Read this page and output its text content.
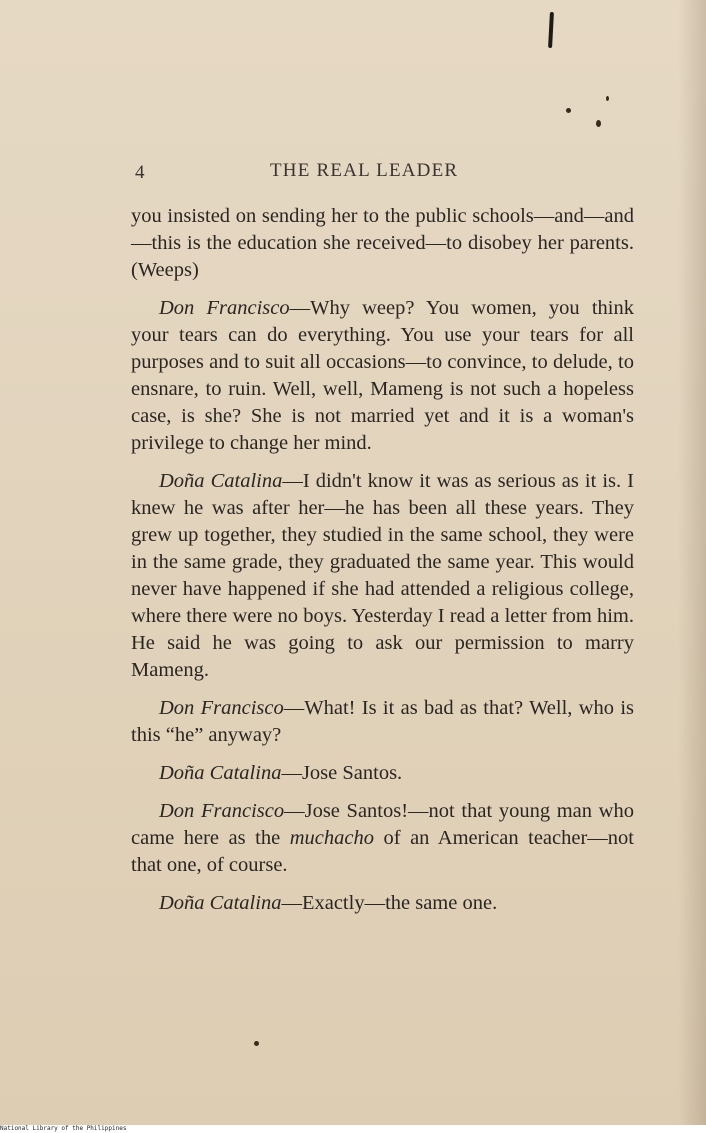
4	THE REAL LEADER

you insisted on sending her to the public schools—and—and—this is the education she received—to disobey her parents. (Weeps)

Don Francisco—Why weep? You women, you think your tears can do everything. You use your tears for all purposes and to suit all occasions—to convince, to delude, to ensnare, to ruin. Well, well, Mameng is not such a hopeless case, is she? She is not married yet and it is a woman's privilege to change her mind.

Doña Catalina—I didn't know it was as serious as it is. I knew he was after her—he has been all these years. They grew up together, they studied in the same school, they were in the same grade, they graduated the same year. This would never have happened if she had attended a religious college, where there were no boys. Yesterday I read a letter from him. He said he was going to ask our permission to marry Mameng.

Don Francisco—What! Is it as bad as that? Well, who is this “he” anyway?

Doña Catalina—Jose Santos.

Don Francisco—Jose Santos!—not that young man who came here as the muchacho of an American teacher—not that one, of course.

Doña Catalina—Exactly—the same one.

National Library of the Philippines
